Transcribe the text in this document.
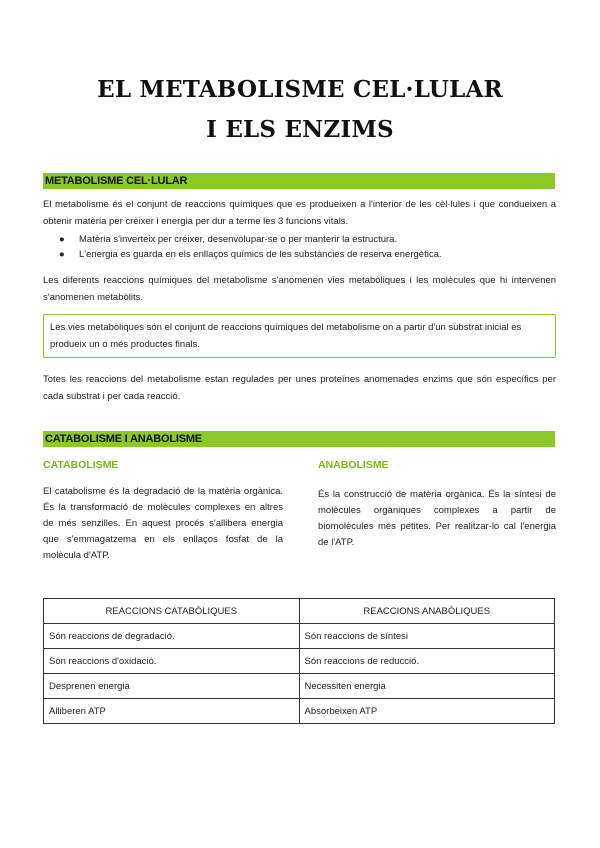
EL METABOLISME CEL·LULAR
I ELS ENZIMS
METABOLISME CEL·LULAR
El metabolisme és el conjunt de reaccions químiques que es produeixen a l'interior de les cèl·lules i que condueixen a obtenir matèria per crèixer i energia per dur a terme les 3 funcions vitals.
●	Matèria s'inverteix per créixer, desenvolupar-se o per manterir la estructura.
●	L'energia es guarda en els enllaços químics de les substàncies de reserva energètica.
Les diferents reaccions químiques del metabolisme s'anomenen vies metabòliques i les molècules que hi intervenen s'anomenen metabòlits.
Les vies metabòliques són el conjunt de reaccions químiques del metabolisme on a partir d'un substrat inicial es produeix un o més productes finals.
Totes les reaccions del metabolisme estan regulades per unes proteïnes anomenades enzims que són específics per cada substrat i per cada reacció.
CATABOLISME I ANABOLISME
CATABOLISME
El catabolisme és la degradació de la matèria orgànica. És la transformació de molècules complexes en altres de més senzilles. En aquest procés s'allibera energia que s'emmagatzema en els enllaços fosfat de la molècula d'ATP.
ANABOLISME
És la construcció de matèria orgànica. És la síntesi de molècules orgàniques complexes a partir de biomolècules més petites. Per realitzar-lo cal l'energia de l'ATP.
REACCIONS CATABÒLIQUES	REACCIONS ANABÒLIQUES
Són reaccions de degradació.	Són reaccions de síntesi
Són reaccions d'oxidació.	Són reaccions de reducció.
Desprenen energia	Necessiten energia
Alliberen ATP	Absorbeixen ATP
